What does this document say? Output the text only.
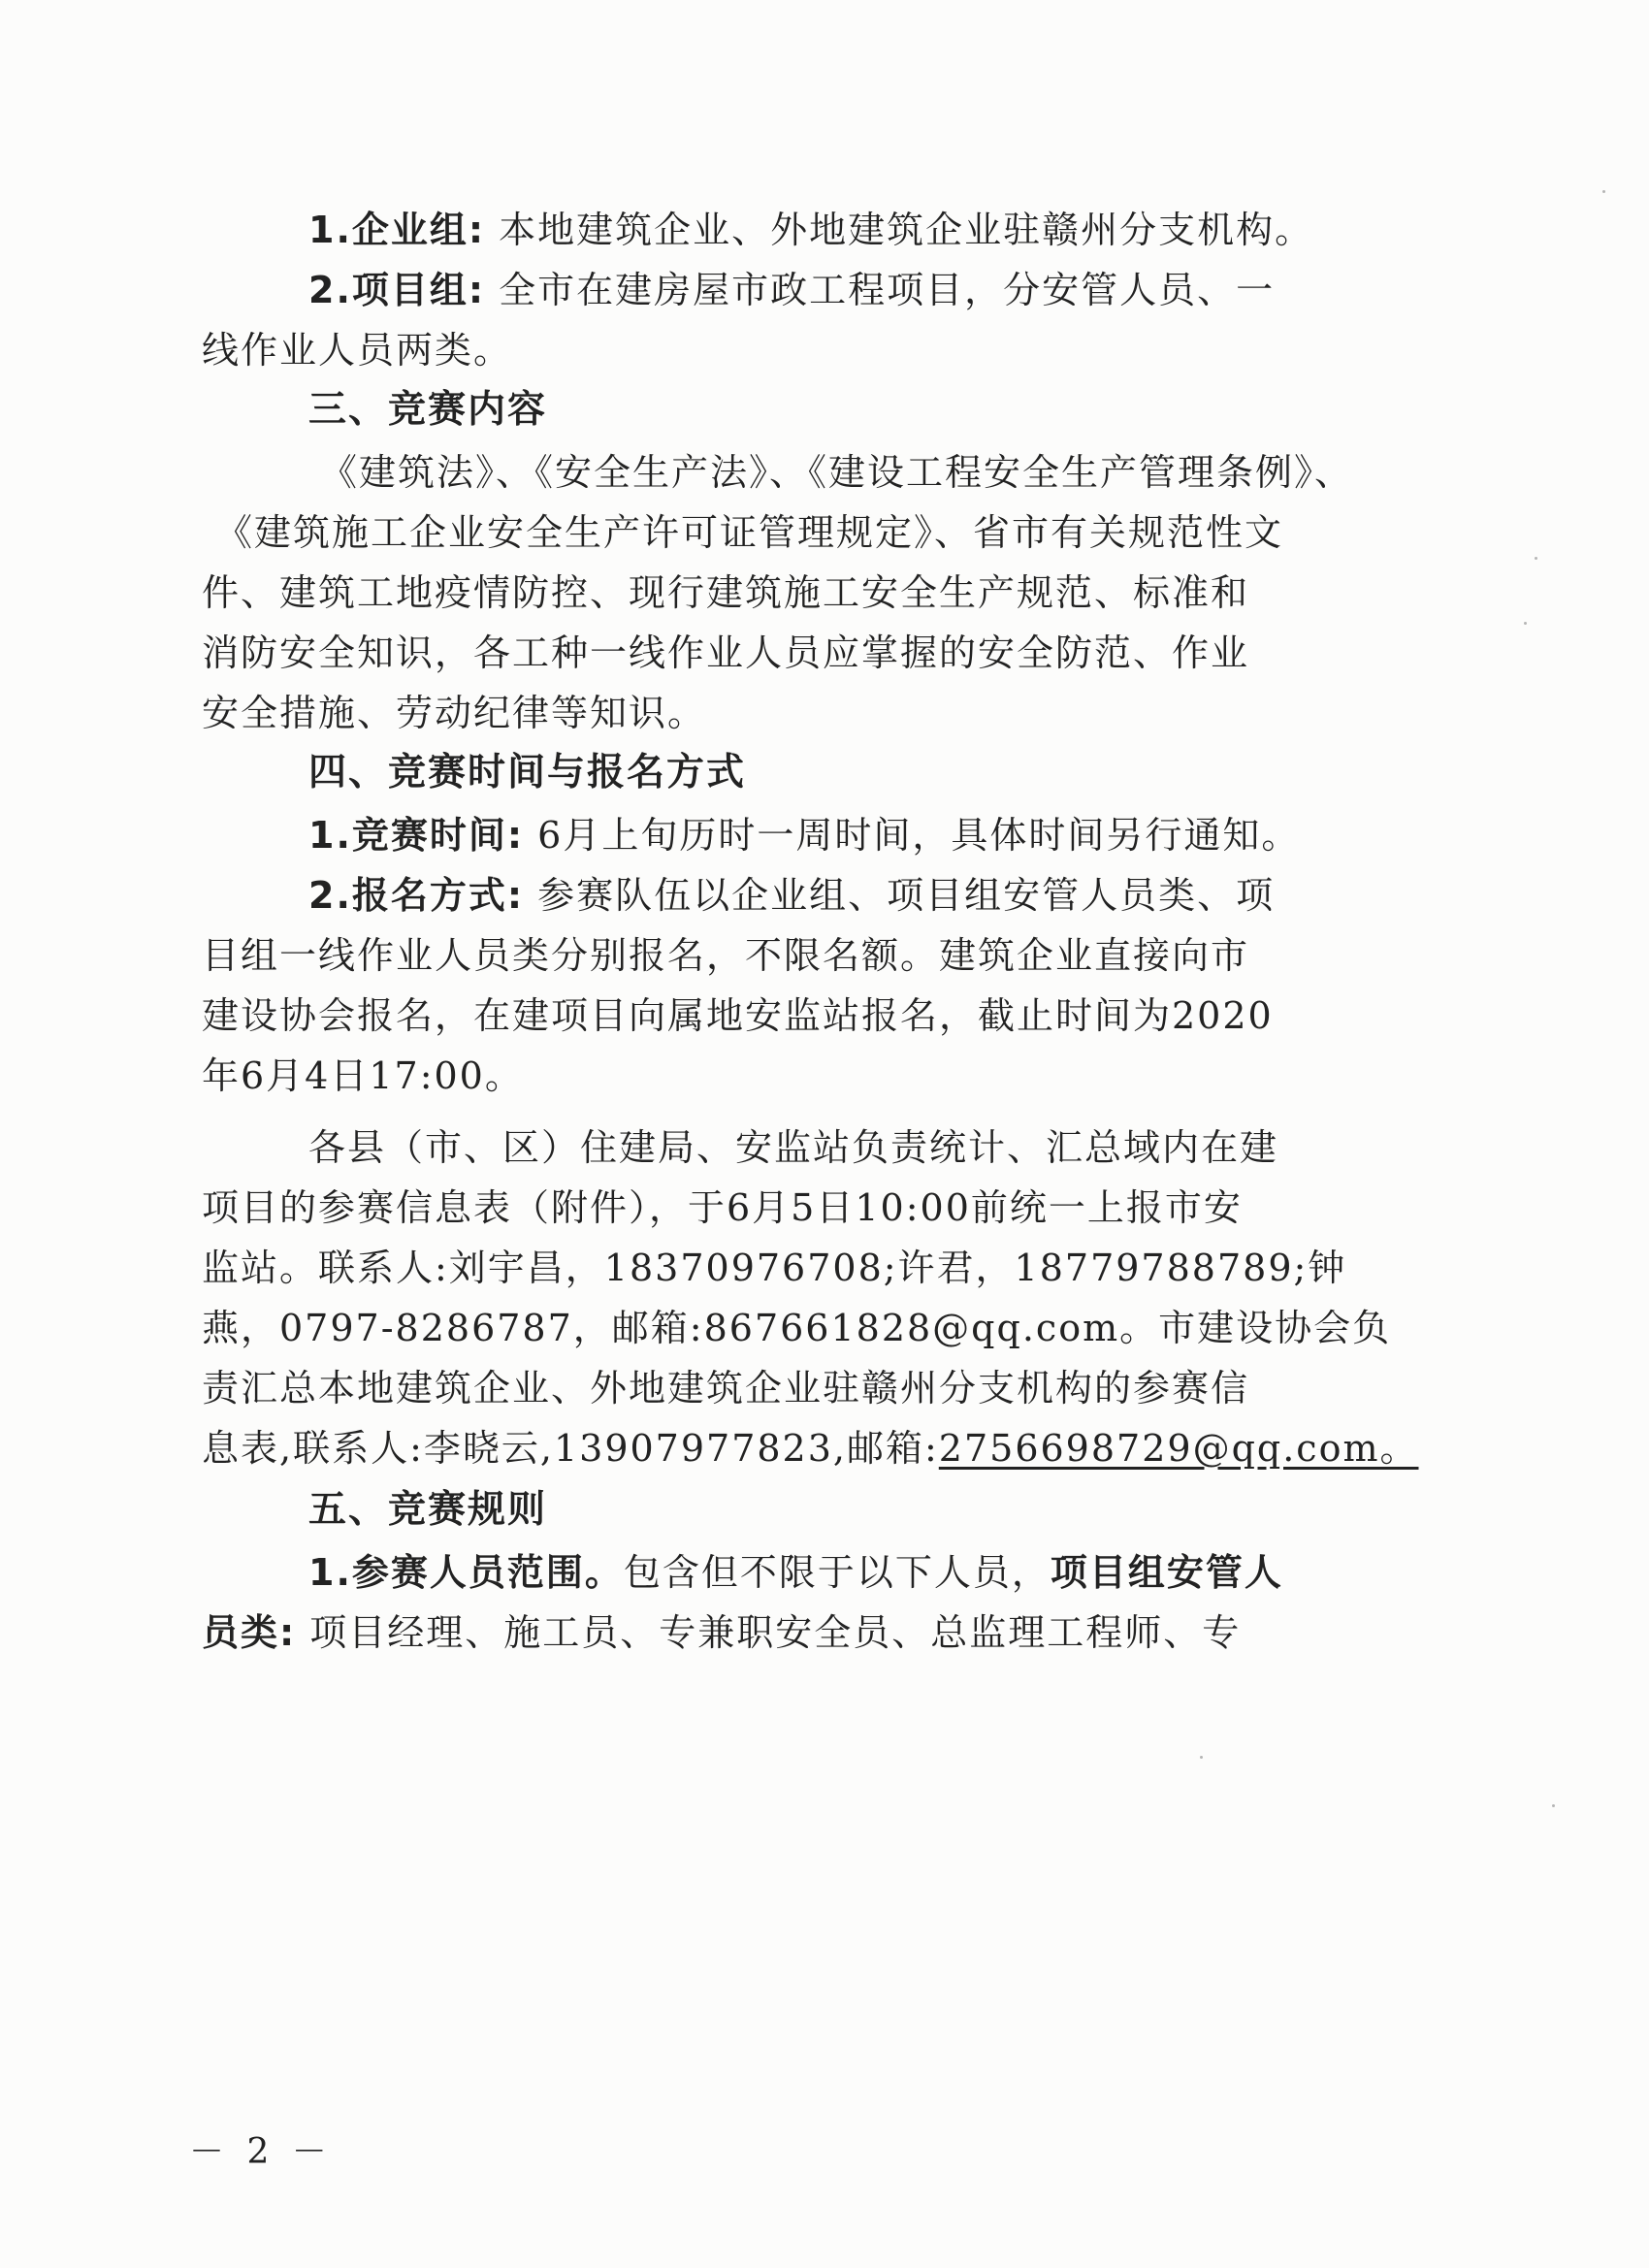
1.企业组: 本地建筑企业、外地建筑企业驻赣州分支机构。
2.项目组: 全市在建房屋市政工程项目，分安管人员、一
线作业人员两类。
三、竞赛内容
《建筑法》、《安全生产法》、《建设工程安全生产管理条例》、
《建筑施工企业安全生产许可证管理规定》、省市有关规范性文
件、建筑工地疫情防控、现行建筑施工安全生产规范、标准和
消防安全知识，各工种一线作业人员应掌握的安全防范、作业
安全措施、劳动纪律等知识。
四、竞赛时间与报名方式
1.竞赛时间: 6月上旬历时一周时间，具体时间另行通知。
2.报名方式: 参赛队伍以企业组、项目组安管人员类、项
目组一线作业人员类分别报名，不限名额。建筑企业直接向市
建设协会报名，在建项目向属地安监站报名，截止时间为2020
年6月4日17:00。
各县（市、区）住建局、安监站负责统计、汇总域内在建
项目的参赛信息表（附件），于6月5日10:00前统一上报市安
监站。联系人:刘宇昌，18370976708;许君，18779788789;钟
燕，0797-8286787，邮箱:867661828@qq.com。市建设协会负
责汇总本地建筑企业、外地建筑企业驻赣州分支机构的参赛信
息表,联系人:李晓云,13907977823,邮箱:2756698729@qq.com。
五、竞赛规则
1.参赛人员范围。包含但不限于以下人员，项目组安管人
员类: 项目经理、施工员、专兼职安全员、总监理工程师、专
－ 2 －
